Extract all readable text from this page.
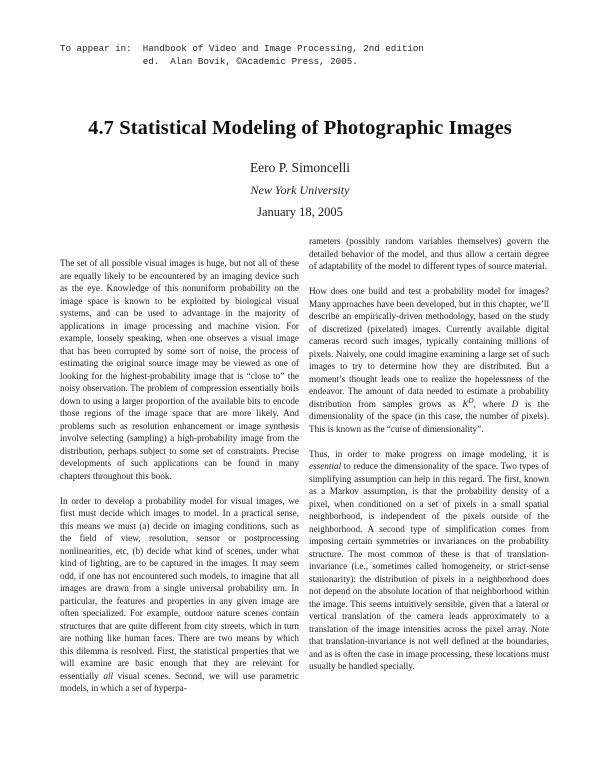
To appear in:  Handbook of Video and Image Processing, 2nd edition
ed.  Alan Bovik, ©Academic Press, 2005.
4.7 Statistical Modeling of Photographic Images
Eero P. Simoncelli
New York University
January 18, 2005

The set of all possible visual images is huge, but not all of these are equally likely to be encountered by an imaging device such as the eye. Knowledge of this nonuniform probability on the image space is known to be exploited by biological visual systems, and can be used to advantage in the majority of applications in image processing and machine vision. For example, loosely speaking, when one observes a visual image that has been corrupted by some sort of noise, the process of estimating the original source image may be viewed as one of looking for the highest-probability image that is “close to” the noisy observation. The problem of compression essentially boils down to using a larger proportion of the available bits to encode those regions of the image space that are more likely. And problems such as resolution enhancement or image synthesis involve selecting (sampling) a high-probability image from the distribution, perhaps subject to some set of constraints. Precise developments of such applications can be found in many chapters throughout this book.

In order to develop a probability model for visual images, we first must decide which images to model. In a practical sense, this means we must (a) decide on imaging conditions, such as the field of view, resolution, sensor or postprocessing nonlinearities, etc, (b) decide what kind of scenes, under what kind of lighting, are to be captured in the images. It may seem odd, if one has not encountered such models, to imagine that all images are drawn from a single universal probability urn. In particular, the features and properties in any given image are often specialized. For example, outdoor nature scenes contain structures that are quite different from city streets, which in turn are nothing like human faces. There are two means by which this dilemma is resolved. First, the statistical properties that we will examine are basic enough that they are relevant for essentially all visual scenes. Second, we will use parametric models, in which a set of hyperpa-

rameters (possibly random variables themselves) govern the detailed behavior of the model, and thus allow a certain degree of adaptability of the model to different types of source material.

How does one build and test a probability model for images? Many approaches have been developed, but in this chapter, we’ll describe an empirically-driven methodology, based on the study of discretized (pixelated) images. Currently available digital cameras record such images, typically containing millions of pixels. Naively, one could imagine examining a large set of such images to try to determine how they are distributed. But a moment’s thought leads one to realize the hopelessness of the endeavor. The amount of data needed to estimate a probability distribution from samples grows as $K^D$, where D is the dimensionality of the space (in this case, the number of pixels). This is known as the “curse of dimensionality”.

Thus, in order to make progress on image modeling, it is essential to reduce the dimensionality of the space. Two types of simplifying assumption can help in this regard. The first, known as a Markov assumption, is that the probability density of a pixel, when conditioned on a set of pixels in a small spatial neighborhood, is independent of the pixels outside of the neighborhood. A second type of simplification comes from imposing certain symmetries or invariances on the probability structure. The most common of these is that of translation-invariance (i.e., sometimes called homogeneity, or strict-sense stationarity): the distribution of pixels in a neighborhood does not depend on the absolute location of that neighborhood within the image. This seems intuitively sensible, given that a lateral or vertical translation of the camera leads approximately to a translation of the image intensities across the pixel array. Note that translation-invariance is not well defined at the boundaries, and as is often the case in image processing, these locations must usually be handled specially.
